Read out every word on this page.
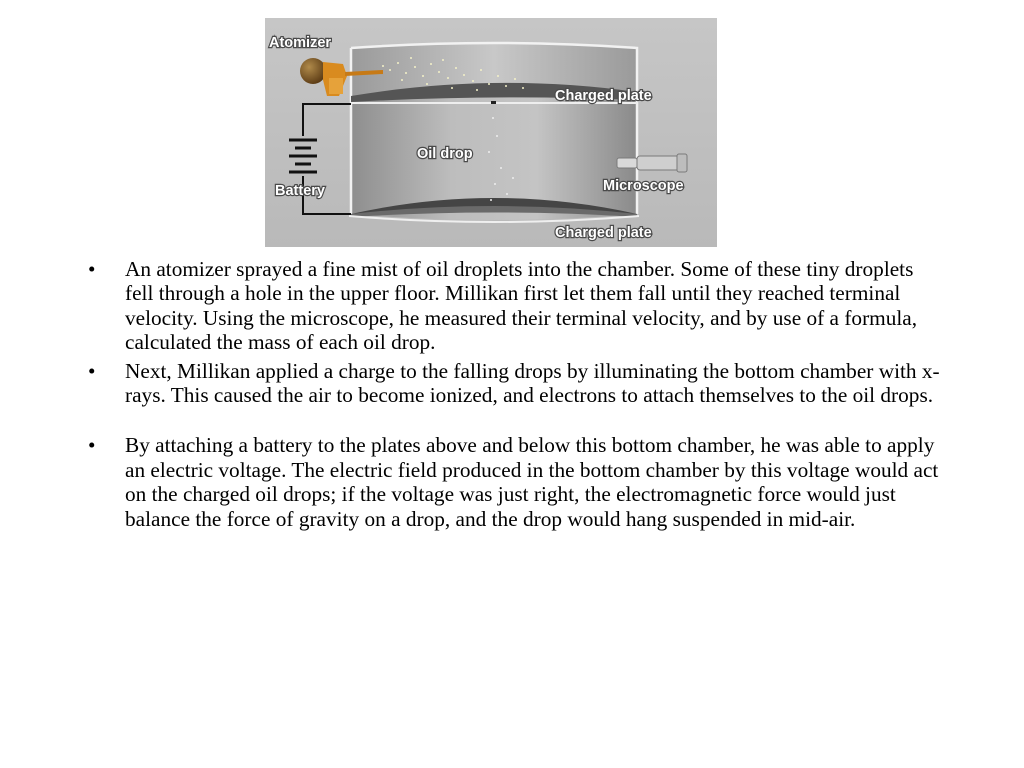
Atomizer
Charged plate
Oil drop
Battery	Microscope
Charged plate
• An atomizer sprayed a fine mist of oil droplets into the chamber. Some of these tiny droplets fell through a hole in the upper floor. Millikan first let them fall until they reached terminal velocity. Using the microscope, he measured their terminal velocity, and by use of a formula, calculated the mass of each oil drop.
• Next, Millikan applied a charge to the falling drops by illuminating the bottom chamber with x-rays. This caused the air to become ionized, and electrons to attach themselves to the oil drops.
• By attaching a battery to the plates above and below this bottom chamber, he was able to apply an electric voltage. The electric field produced in the bottom chamber by this voltage would act on the charged oil drops; if the voltage was just right, the electromagnetic force would just balance the force of gravity on a drop, and the drop would hang suspended in mid-air.
